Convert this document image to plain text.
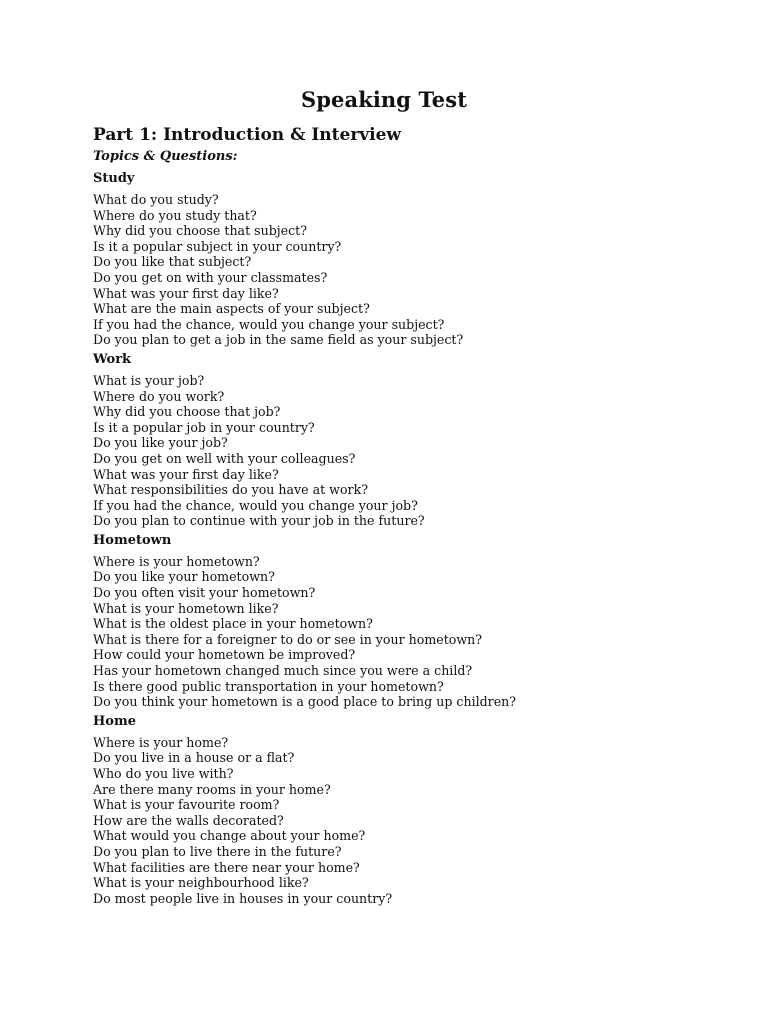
Speaking Test
Part 1: Introduction & Interview
Topics & Questions:
Study
What do you study?
Where do you study that?
Why did you choose that subject?
Is it a popular subject in your country?
Do you like that subject?
Do you get on with your classmates?
What was your first day like?
What are the main aspects of your subject?
If you had the chance, would you change your subject?
Do you plan to get a job in the same field as your subject?
Work
What is your job?
Where do you work?
Why did you choose that job?
Is it a popular job in your country?
Do you like your job?
Do you get on well with your colleagues?
What was your first day like?
What responsibilities do you have at work?
If you had the chance, would you change your job?
Do you plan to continue with your job in the future?
Hometown
Where is your hometown?
Do you like your hometown?
Do you often visit your hometown?
What is your hometown like?
What is the oldest place in your hometown?
What is there for a foreigner to do or see in your hometown?
How could your hometown be improved?
Has your hometown changed much since you were a child?
Is there good public transportation in your hometown?
Do you think your hometown is a good place to bring up children?
Home
Where is your home?
Do you live in a house or a flat?
Who do you live with?
Are there many rooms in your home?
What is your favourite room?
How are the walls decorated?
What would you change about your home?
Do you plan to live there in the future?
What facilities are there near your home?
What is your neighbourhood like?
Do most people live in houses in your country?
